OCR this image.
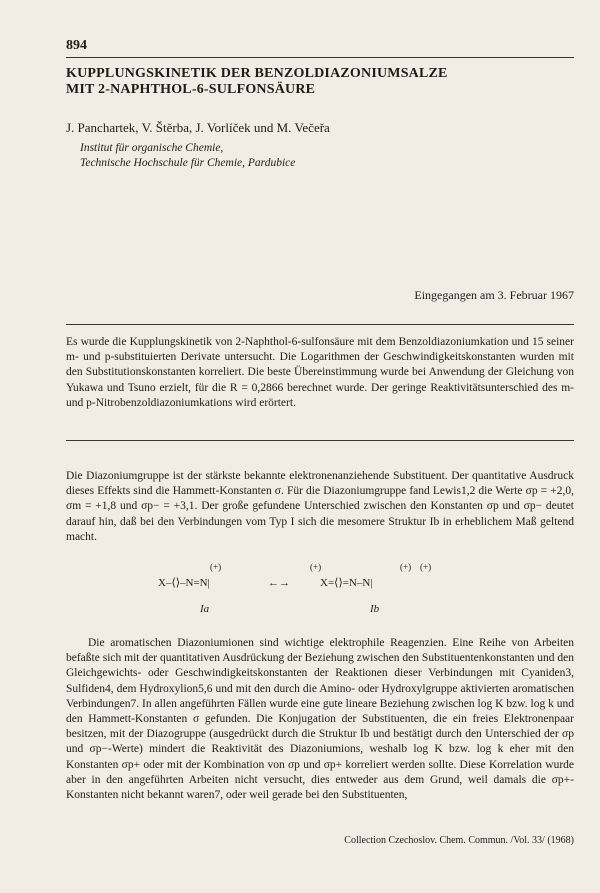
894
KUPPLUNGSKINETIK DER BENZOLDIAZONIUMSALZE
MIT 2-NAPHTHOL-6-SULFONSÄURE
J. Panchartek, V. Štěrba, J. Vorlíček und M. Večeřa
Institut für organische Chemie,
Technische Hochschule für Chemie, Pardubice
Eingegangen am 3. Februar 1967
Es wurde die Kupplungskinetik von 2-Naphthol-6-sulfonsäure mit dem Benzoldiazoniumkation und 15 seiner m- und p-substituierten Derivate untersucht. Die Logarithmen der Geschwindigkeitskonstanten wurden mit den Substitutionskonstanten korreliert. Die beste Übereinstimmung wurde bei Anwendung der Gleichung von Yukawa und Tsuno erzielt, für die R = 0,2866 berechnet wurde. Der geringe Reaktivitätsunterschied des m-und p-Nitrobenzoldiazoniumkations wird erörtert.

Die Diazoniumgruppe ist der stärkste bekannte elektronenanziehende Substituent. Der quantitative Ausdruck dieses Effekts sind die Hammett-Konstanten σ. Für die Diazoniumgruppe fand Lewis1,2 die Werte σp = +2,0, σm = +1,8 und σp− = +3,1. Der große gefundene Unterschied zwischen den Konstanten σp und σp− deutet darauf hin, daß bei den Verbindungen vom Typ I sich die mesomere Struktur Ib in erheblichem Maß geltend macht.

X–⟨⟩–N=N|
(+)
←→	X=⟨⟩=N–N|
(+)	(+) (+)
Ia	Ib

Die aromatischen Diazoniumionen sind wichtige elektrophile Reagenzien. Eine Reihe von Arbeiten befaßte sich mit der quantitativen Ausdrückung der Beziehung zwischen den Substituentenkonstanten und den Gleichgewichts- oder Geschwindigkeitskonstanten der Reaktionen dieser Verbindungen mit Cyaniden3, Sulfiden4, dem Hydroxylion5,6 und mit den durch die Amino- oder Hydroxylgruppe aktivierten aromatischen Verbindungen7. In allen angeführten Fällen wurde eine gute lineare Beziehung zwischen log K bzw. log k und den Hammett-Konstanten σ gefunden. Die Konjugation der Substituenten, die ein freies Elektronenpaar besitzen, mit der Diazogruppe (ausgedrückt durch die Struktur Ib und bestätigt durch den Unterschied der σp und σp−-Werte) mindert die Reaktivität des Diazoniumions, weshalb log K bzw. log k eher mit den Konstanten σp+ oder mit der Kombination von σp und σp+ korreliert werden sollte. Diese Korrelation wurde aber in den angeführten Arbeiten nicht versucht, dies entweder aus dem Grund, weil damals die σp+-Konstanten nicht bekannt waren7, oder weil gerade bei den Substituenten,

Collection Czechoslov. Chem. Commun. /Vol. 33/ (1968)
